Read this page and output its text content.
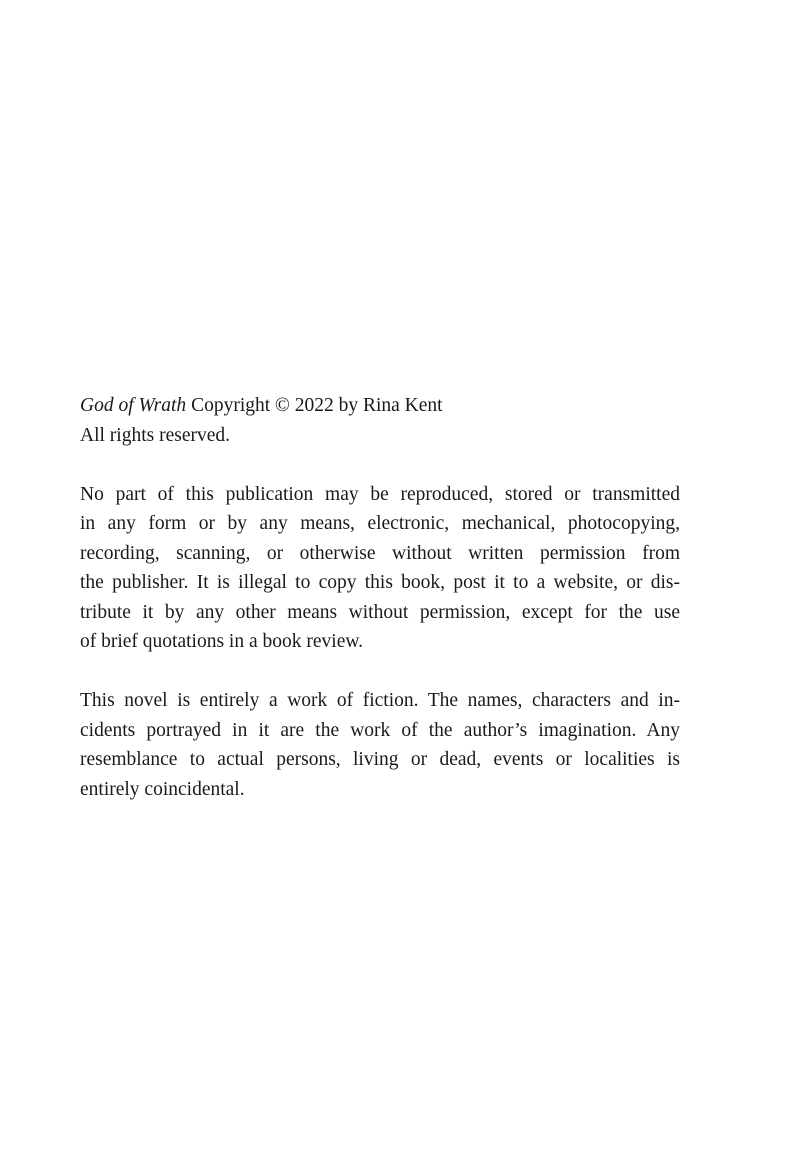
God of Wrath Copyright © 2022 by Rina Kent
All rights reserved.
No part of this publication may be reproduced, stored or transmitted
in any form or by any means, electronic, mechanical, photocopying,
recording, scanning, or otherwise without written permission from
the publisher. It is illegal to copy this book, post it to a website, or dis-
tribute it by any other means without permission, except for the use
of brief quotations in a book review.
This novel is entirely a work of fiction. The names, characters and in-
cidents portrayed in it are the work of the author’s imagination. Any
resemblance to actual persons, living or dead, events or localities is
entirely coincidental.
